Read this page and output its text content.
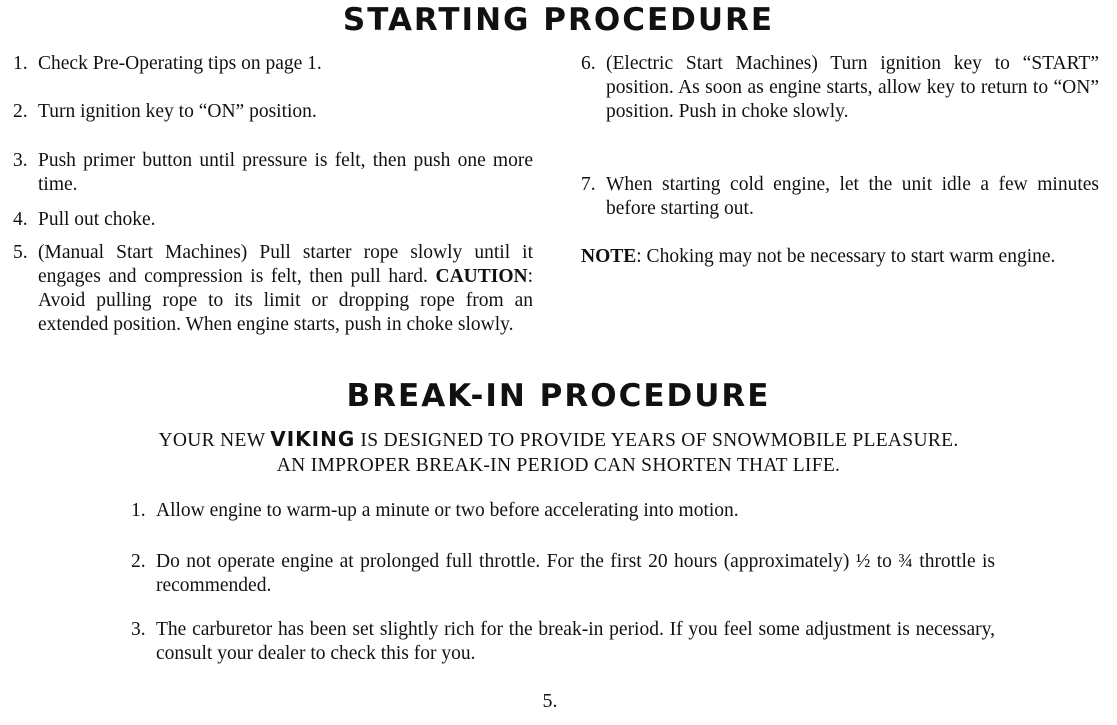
STARTING PROCEDURE
1. Check Pre-Operating tips on page 1.
2. Turn ignition key to “ON” position.
3. Push primer button until pressure is felt, then push one more time.
4. Pull out choke.
5. (Manual Start Machines) Pull starter rope slowly until it engages and compression is felt, then pull hard. CAUTION: Avoid pulling rope to its limit or dropping rope from an extended position. When engine starts, push in choke slowly.
6. (Electric Start Machines) Turn ignition key to “START” position. As soon as engine starts, allow key to return to “ON” position. Push in choke slowly.
7. When starting cold engine, let the unit idle a few minutes before starting out.
NOTE: Choking may not be necessary to start warm engine.
BREAK-IN PROCEDURE
YOUR NEW VIKING IS DESIGNED TO PROVIDE YEARS OF SNOWMOBILE PLEASURE.
AN IMPROPER BREAK-IN PERIOD CAN SHORTEN THAT LIFE.
1. Allow engine to warm-up a minute or two before accelerating into motion.
2. Do not operate engine at prolonged full throttle. For the first 20 hours (approximately) ½ to ¾ throttle is recommended.
3. The carburetor has been set slightly rich for the break-in period. If you feel some adjustment is necessary, consult your dealer to check this for you.
5.
